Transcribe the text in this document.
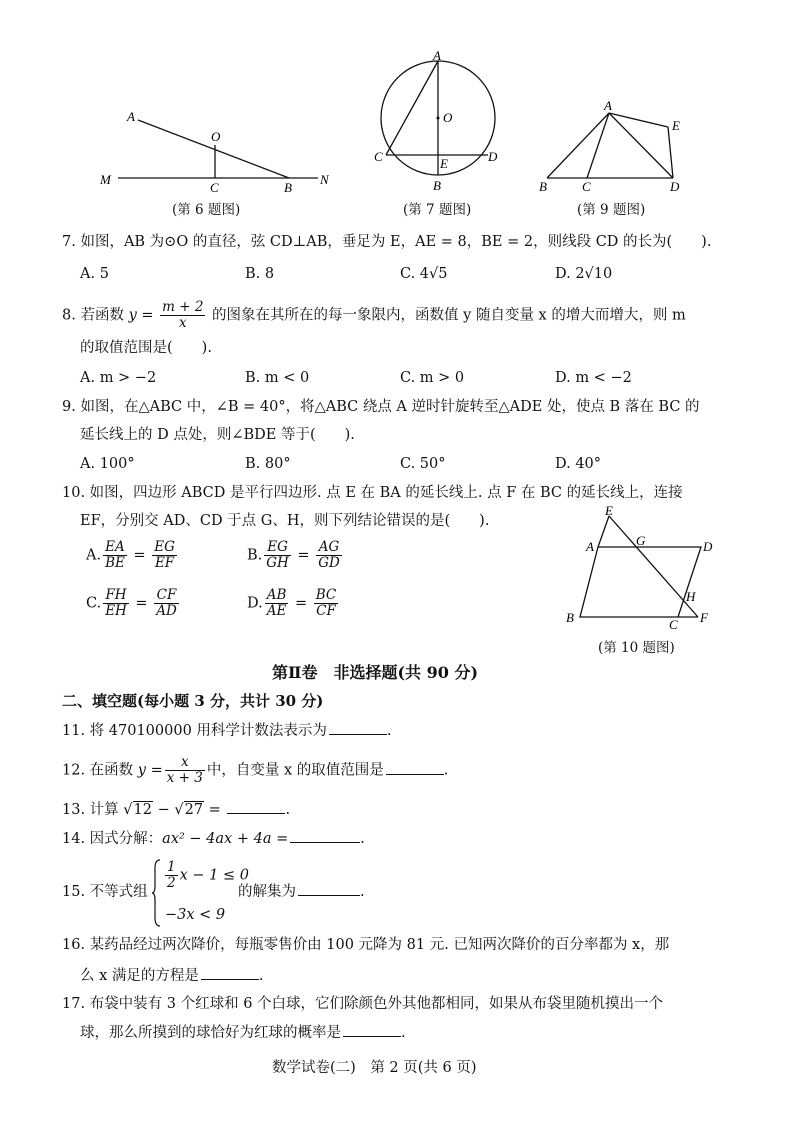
A
O
M
C	B
N
(第 6 题图)
A
O
C	E	D
B
(第 7 题图)
A
E
B	C	D
(第 9 题图)
7. 如图，AB 为⊙O 的直径，弦 CD⊥AB，垂足为 E，AE = 8，BE = 2，则线段 CD 的长为(　　).
A. 5	B. 8	C. 4√5	D. 2√10
8. 若函数 $y = \frac{m + 2}{x}$ 的图象在其所在的每一象限内，函数值 y 随自变量 x 的增大而增大，则 m
的取值范围是(　　).
A. m > −2	B. m < 0	C. m > 0	D. m < −2
9. 如图，在△ABC 中，∠B = 40°，将△ABC 绕点 A 逆时针旋转至△ADE 处，使点 B 落在 BC 的
延长线上的 D 点处，则∠BDE 等于(　　).
A. 100°	B. 80°	C. 50°	D. 40°
10. 如图，四边形 ABCD 是平行四边形. 点 E 在 BA 的延长线上. 点 F 在 BC 的延长线上，连接
EF，分别交 AD、CD 于点 G、H，则下列结论错误的是(　　).
A. $\frac{EA}{BE} = \frac{EG}{EF}$	B. $\frac{EG}{GH} = \frac{AG}{GD}$
C. $\frac{FH}{EH} = \frac{CF}{AD}$	D. $\frac{AB}{AE} = \frac{BC}{CF}$
E
A	G	D
H
B	C F
(第 10 题图)
第Ⅱ卷　非选择题(共 90 分)
二、填空题(每小题 3 分，共计 30 分)
11. 将 470100000 用科学计数法表示为	.
12. 在函数 $y = \frac{x}{x + 3}$ 中，自变量 x 的取值范围是	.
13. 计算 √12 − √27 =	.
14. 因式分解：ax² − 4ax + 4a =	.
15. 不等式组
$\frac{1}{2}$ x − 1 ≤ 0
−3x < 9
的解集为	.
16. 某药品经过两次降价，每瓶零售价由 100 元降为 81 元. 已知两次降价的百分率都为 x，那
么 x 满足的方程是	.
17. 布袋中装有 3 个红球和 6 个白球，它们除颜色外其他都相同，如果从布袋里随机摸出一个
球，那么所摸到的球恰好为红球的概率是	.
数学试卷(二)　第 2 页(共 6 页)
